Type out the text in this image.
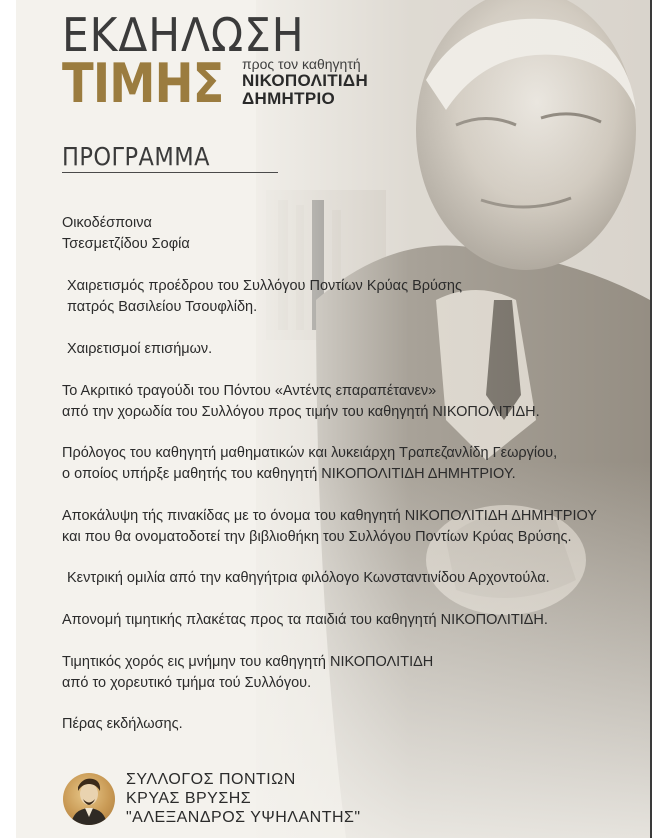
ΕΚΔΗΛΩΣΗ
ΤΙΜΗΣ προς τον καθηγητή
ΝΙΚΟΠΟΛΙΤΙΔΗ
ΔΗΜΗΤΡΙΟ
ΠΡΟΓΡΑΜΜΑ
Οικοδέσποινα
Τσεσμετζίδου Σοφία
Χαιρετισμός προέδρου του Συλλόγου Ποντίων Κρύας Βρύσης
πατρός Βασιλείου Τσουφλίδη.
Χαιρετισμοί επισήμων.
Το Ακριτικό τραγούδι του Πόντου «Αντέντς επαραπέτανεν»
από την χορωδία του Συλλόγου προς τιμήν του καθηγητή ΝΙΚΟΠΟΛΙΤΙΔΗ.
Πρόλογος του καθηγητή μαθηματικών και λυκειάρχη Τραπεζανλίδη Γεωργίου,
ο οποίος υπήρξε μαθητής του καθηγητή ΝΙΚΟΠΟΛΙΤΙΔΗ ΔΗΜΗΤΡΙΟΥ.
Αποκάλυψη τής πινακίδας με το όνομα του καθηγητή ΝΙΚΟΠΟΛΙΤΙΔΗ ΔΗΜΗΤΡΙΟΥ
και που θα ονοματοδοτεί την βιβλιοθήκη του Συλλόγου Ποντίων Κρύας Βρύσης.
Κεντρική ομιλία από την καθηγήτρια φιλόλογο Κωνσταντινίδου Αρχοντούλα.
Απονομή τιμητικής πλακέτας προς τα παιδιά του καθηγητή ΝΙΚΟΠΟΛΙΤΙΔΗ.
Τιμητικός χορός εις μνήμην του καθηγητή ΝΙΚΟΠΟΛΙΤΙΔΗ
από το χορευτικό τμήμα τού Συλλόγου.
Πέρας εκδήλωσης.
ΣΥΛΛΟΓΟΣ ΠΟΝΤΙΩΝ
ΚΡΥΑΣ ΒΡΥΣΗΣ
"ΑΛΕΞΑΝΔΡΟΣ ΥΨΗΛΑΝΤΗΣ"
